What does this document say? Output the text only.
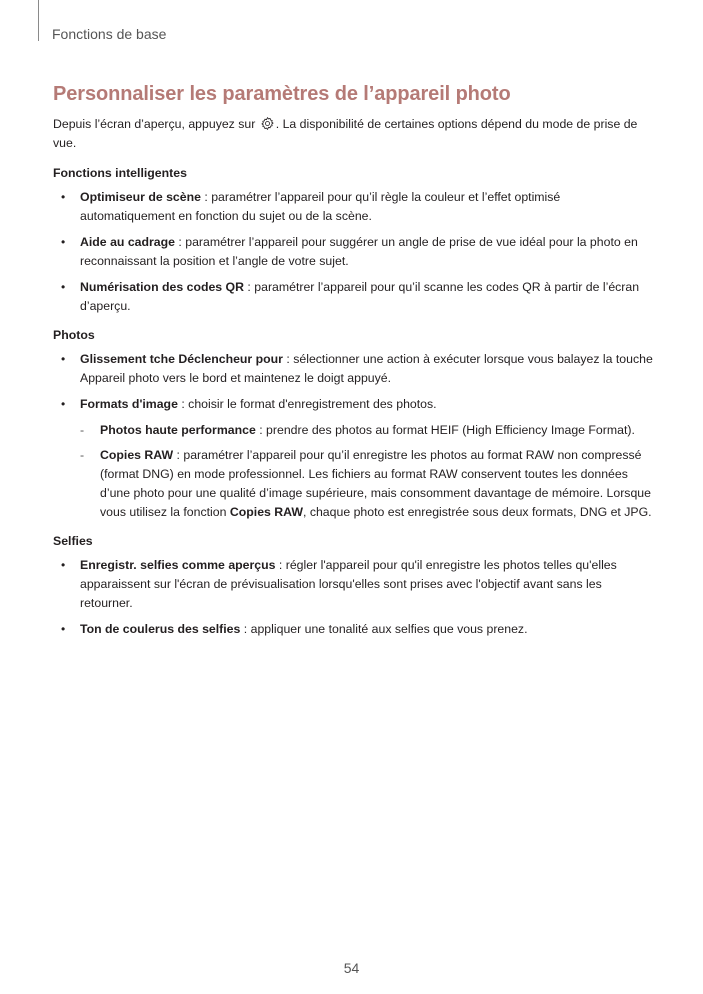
Fonctions de base
Personnaliser les paramètres de l’appareil photo

Depuis l’écran d’aperçu, appuyez sur . La disponibilité de certaines options dépend du mode de prise de vue.

Fonctions intelligentes
• Optimiseur de scène : paramétrer l’appareil pour qu’il règle la couleur et l’effet optimisé automatiquement en fonction du sujet ou de la scène.
• Aide au cadrage : paramétrer l’appareil pour suggérer un angle de prise de vue idéal pour la photo en reconnaissant la position et l’angle de votre sujet.
• Numérisation des codes QR : paramétrer l’appareil pour qu’il scanne les codes QR à partir de l’écran d’aperçu.
Photos
• Glissement tche Déclencheur pour : sélectionner une action à exécuter lorsque vous balayez la touche Appareil photo vers le bord et maintenez le doigt appuyé.
• Formats d'image : choisir le format d'enregistrement des photos.
- Photos haute performance : prendre des photos au format HEIF (High Efficiency Image Format).
- Copies RAW : paramétrer l’appareil pour qu’il enregistre les photos au format RAW non compressé (format DNG) en mode professionnel. Les fichiers au format RAW conservent toutes les données d’une photo pour une qualité d’image supérieure, mais consomment davantage de mémoire. Lorsque vous utilisez la fonction Copies RAW, chaque photo est enregistrée sous deux formats, DNG et JPG.
Selfies
• Enregistr. selfies comme aperçus : régler l'appareil pour qu'il enregistre les photos telles qu'elles apparaissent sur l'écran de prévisualisation lorsqu'elles sont prises avec l'objectif avant sans les retourner.
• Ton de coulerus des selfies : appliquer une tonalité aux selfies que vous prenez.
54
